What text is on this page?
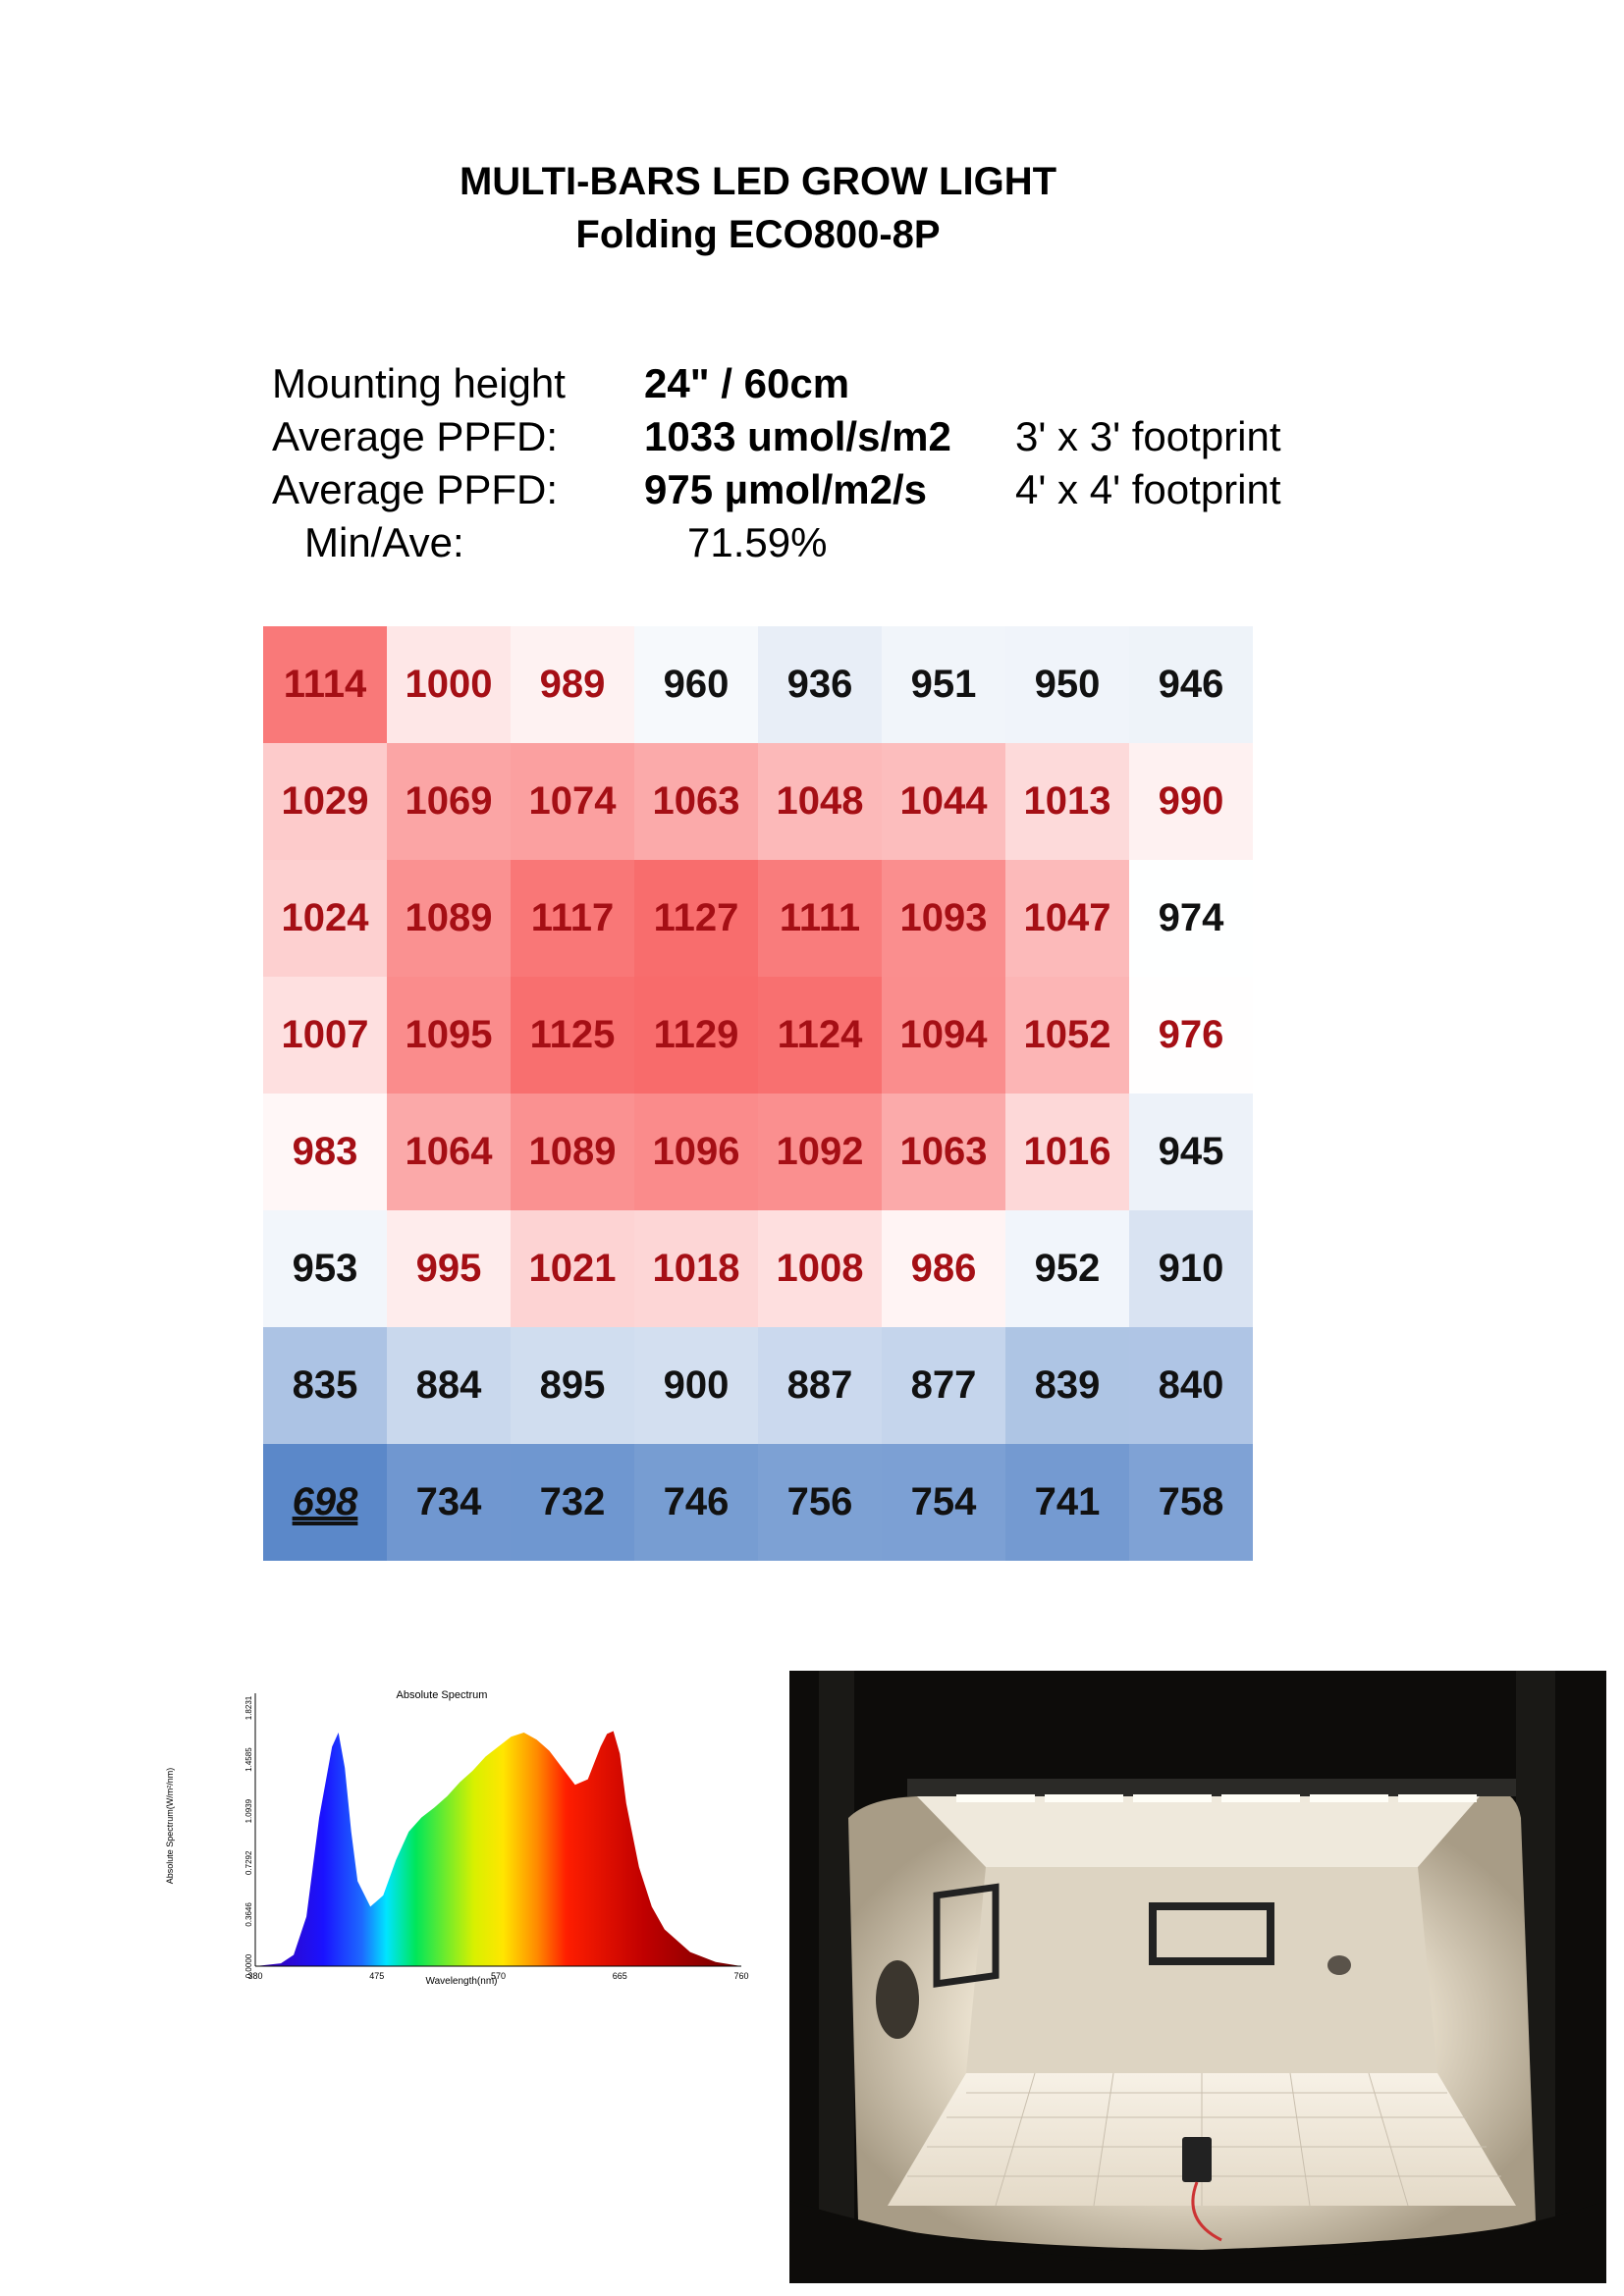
MULTI-BARS LED GROW LIGHT
Folding ECO800-8P
Mounting height 24" / 60cm
Average PPFD: 1033 umol/s/m2 3' x 3' footprint
Average PPFD: 975 µmol/m2/s 4' x 4' footprint
Min/Ave:	71.59%
1114 1000	989	960	936	951	950	946
1029 1069 1074 1063 1048 1044 1013	990
1024 1089 1117	1127	1111	1093 1047	974
1007 1095 1125 1129 1124 1094 1052	976
983	1064 1089 1096 1092 1063 1016	945
953	995	1021 1018 1008	986	952	910
835	884	895	900	887	877	839	840
698	734	732	746	756	754	741	758
Absolute Spectrum
0.0000
0.3646
0.7292
1.0939
1.4585
1.8231
380	475	570	665	760
Wavelength(nm)
Absolute Spectrum(W/m²/nm)
